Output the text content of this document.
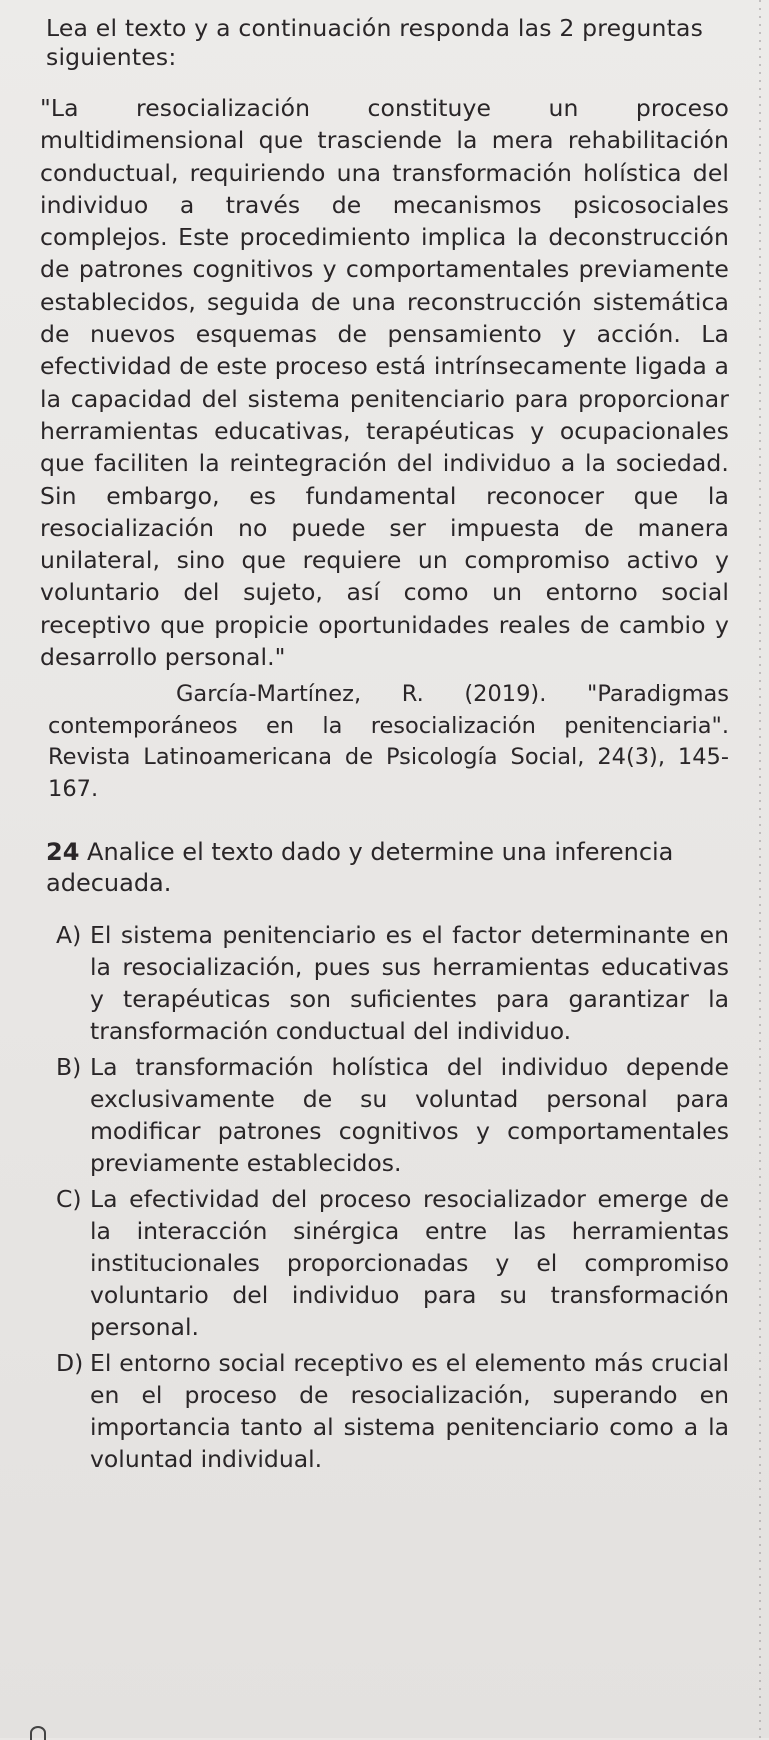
Lea el texto y a continuación responda las 2 preguntas siguientes:

"La resocialización constituye un proceso multidimensional que trasciende la mera rehabilitación conductual, requiriendo una transformación holística del individuo a través de mecanismos psicosociales complejos. Este procedimiento implica la deconstrucción de patrones cognitivos y comportamentales previamente establecidos, seguida de una reconstrucción sistemática de nuevos esquemas de pensamiento y acción. La efectividad de este proceso está intrínsecamente ligada a la capacidad del sistema penitenciario para proporcionar herramientas educativas, terapéuticas y ocupacionales que faciliten la reintegración del individuo a la sociedad. Sin embargo, es fundamental reconocer que la resocialización no puede ser impuesta de manera unilateral, sino que requiere un compromiso activo y voluntario del sujeto, así como un entorno social receptivo que propicie oportunidades reales de cambio y desarrollo personal."

García-Martínez, R. (2019). "Paradigmas contemporáneos en la resocialización penitenciaria". Revista Latinoamericana de Psicología Social, 24(3), 145-167.

24 Analice el texto dado y determine una inferencia adecuada.

A) El sistema penitenciario es el factor determinante en la resocialización, pues sus herramientas educativas y terapéuticas son suficientes para garantizar la transformación conductual del individuo.
B) La transformación holística del individuo depende exclusivamente de su voluntad personal para modificar patrones cognitivos y comportamentales previamente establecidos.
C) La efectividad del proceso resocializador emerge de la interacción sinérgica entre las herramientas institucionales proporcionadas y el compromiso voluntario del individuo para su transformación personal.
D) El entorno social receptivo es el elemento más crucial en el proceso de resocialización, superando en importancia tanto al sistema penitenciario como a la voluntad individual.
